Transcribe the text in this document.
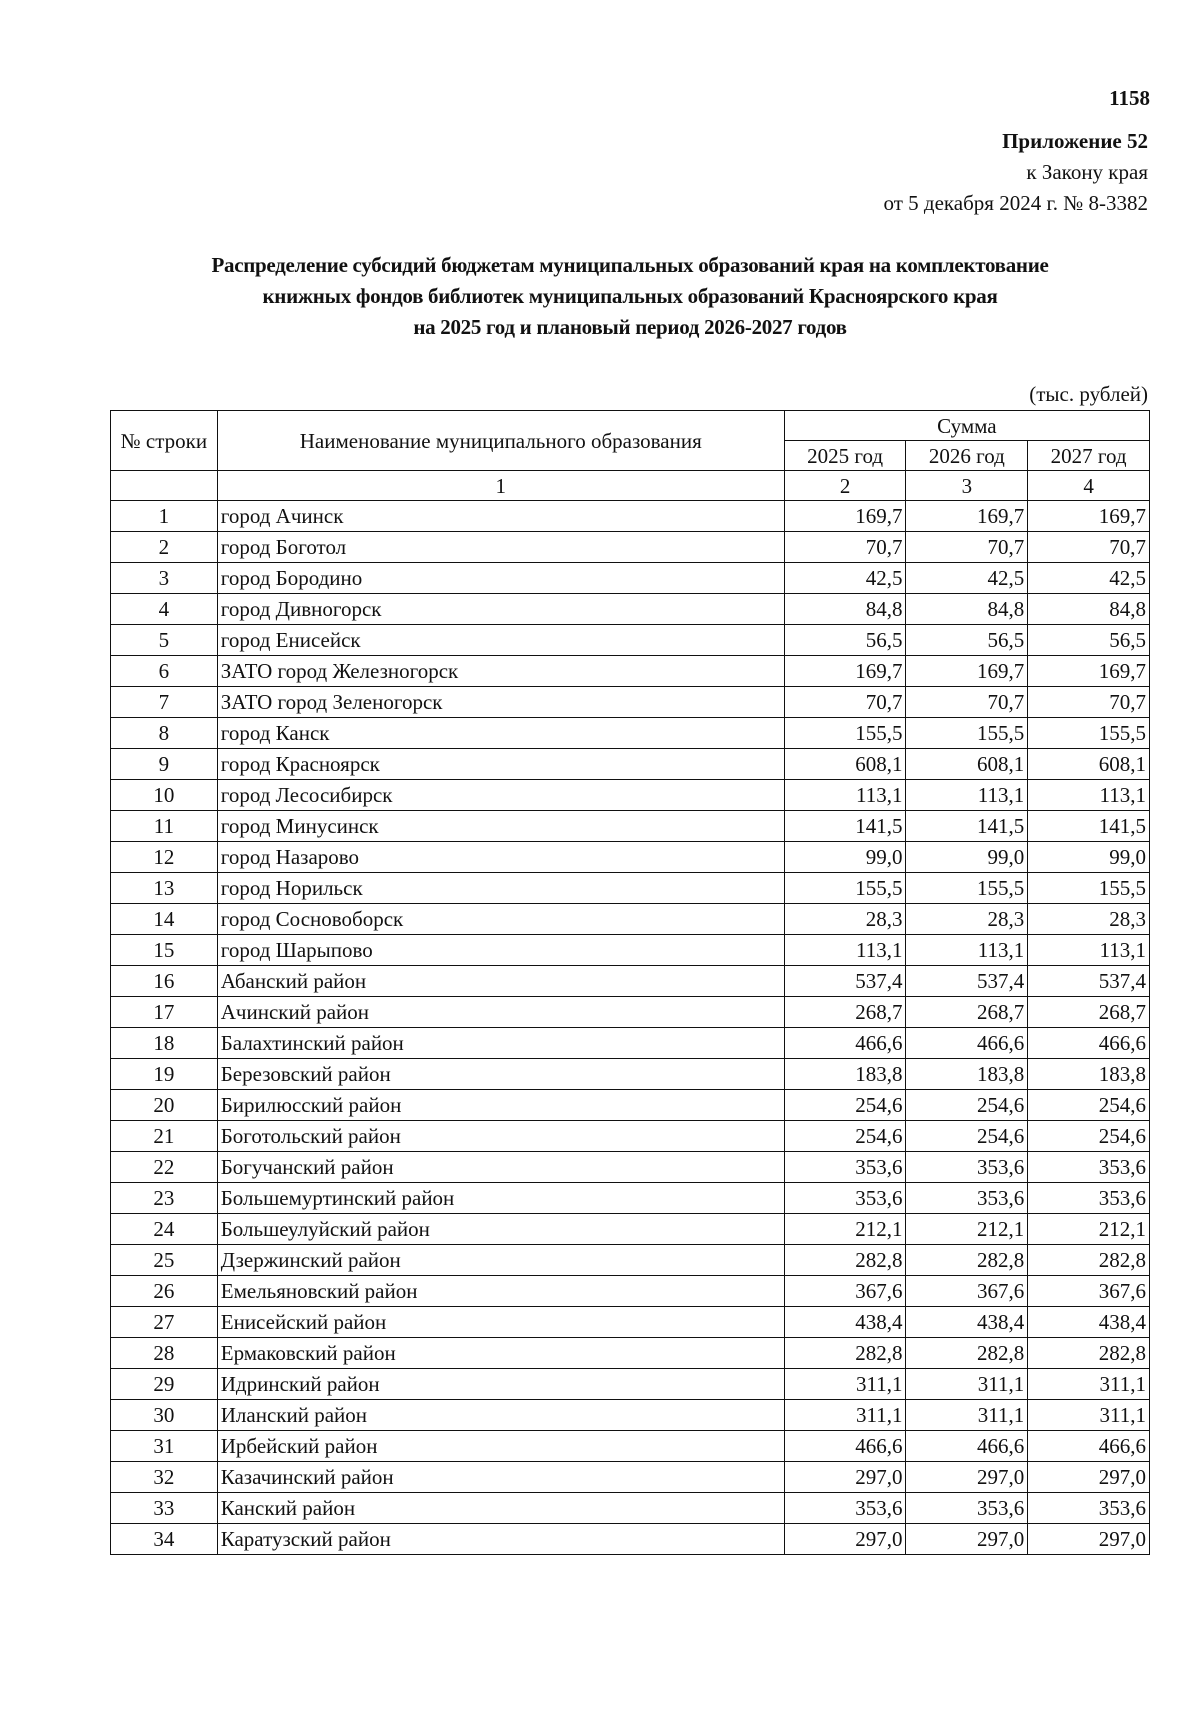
1158
Приложение 52
к Закону края
от 5 декабря 2024 г. № 8-3382
Распределение субсидий бюджетам муниципальных образований края на комплектование
книжных фондов библиотек муниципальных образований Красноярского края
на 2025 год и плановый период 2026-2027 годов
(тыс. рублей)
№ строки	Наименование муниципального образования	Сумма		
		2025 год	2026 год	2027 год
	1	2	3	4
1	город Ачинск	169,7	169,7	169,7
2	город Боготол	70,7	70,7	70,7
3	город Бородино	42,5	42,5	42,5
4	город Дивногорск	84,8	84,8	84,8
5	город Енисейск	56,5	56,5	56,5
6	ЗАТО город Железногорск	169,7	169,7	169,7
7	ЗАТО город Зеленогорск	70,7	70,7	70,7
8	город Канск	155,5	155,5	155,5
9	город Красноярск	608,1	608,1	608,1
10	город Лесосибирск	113,1	113,1	113,1
11	город Минусинск	141,5	141,5	141,5
12	город Назарово	99,0	99,0	99,0
13	город Норильск	155,5	155,5	155,5
14	город Сосновоборск	28,3	28,3	28,3
15	город Шарыпово	113,1	113,1	113,1
16	Абанский район	537,4	537,4	537,4
17	Ачинский район	268,7	268,7	268,7
18	Балахтинский район	466,6	466,6	466,6
19	Березовский район	183,8	183,8	183,8
20	Бирилюсский район	254,6	254,6	254,6
21	Боготольский район	254,6	254,6	254,6
22	Богучанский район	353,6	353,6	353,6
23	Большемуртинский район	353,6	353,6	353,6
24	Большеулуйский район	212,1	212,1	212,1
25	Дзержинский район	282,8	282,8	282,8
26	Емельяновский район	367,6	367,6	367,6
27	Енисейский район	438,4	438,4	438,4
28	Ермаковский район	282,8	282,8	282,8
29	Идринский район	311,1	311,1	311,1
30	Иланский район	311,1	311,1	311,1
31	Ирбейский район	466,6	466,6	466,6
32	Казачинский район	297,0	297,0	297,0
33	Канский район	353,6	353,6	353,6
34	Каратузский район	297,0	297,0	297,0
